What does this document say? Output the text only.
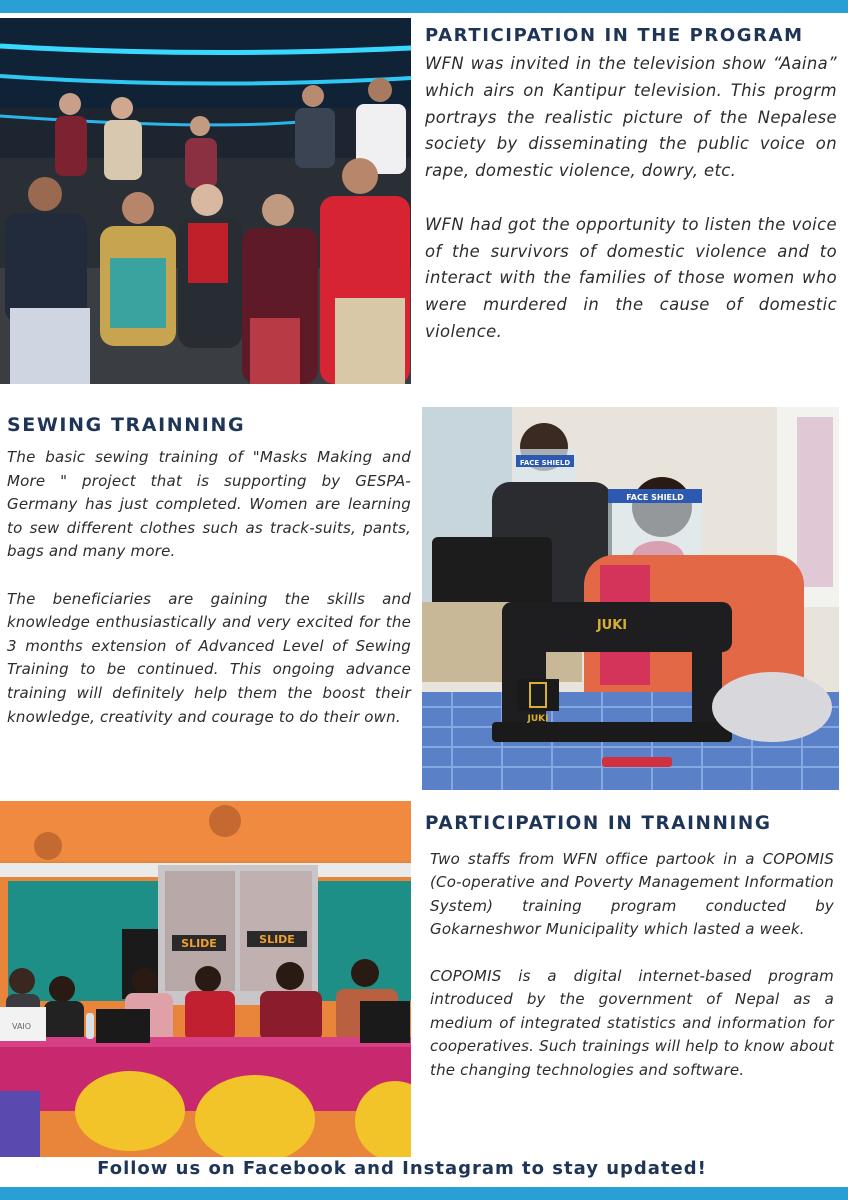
PARTICIPATION IN THE PROGRAM

WFN was invited in the television show “Aaina” which airs on Kantipur television. This progrm portrays the realistic picture of the Nepalese society by disseminating the public voice on rape, domestic violence, dowry, etc.

WFN had got the opportunity to listen the voice of the survivors of domestic violence and to interact with the families of those women who were murdered in the cause of domestic violence.

SEWING TRAINNING

The basic sewing training of "Masks Making and More " project that is supporting by GESPA-Germany has just completed. Women are learning to sew different clothes such as track-suits, pants, bags and many more.

The beneficiaries are gaining the skills and knowledge enthusiastically and very excited for the 3 months extension of Advanced Level of Sewing Training to be continued. This ongoing advance training will definitely help them the boost their knowledge, creativity and courage to do their own.

FACE SHIELD
FACE SHIELD
JUKI
JUKI
SLIDE	SLIDE
VAIO
PARTICIPATION IN TRAINNING

Two staffs from WFN office partook in a COPOMIS (Co-operative and Poverty Management Information System) training program conducted by Gokarneshwor Municipality which lasted a week.

COPOMIS is a digital internet-based program introduced by the government of Nepal as a medium of integrated statistics and information for cooperatives. Such trainings will help to know about the changing technologies and software.

Follow us on Facebook and Instagram to stay updated!
